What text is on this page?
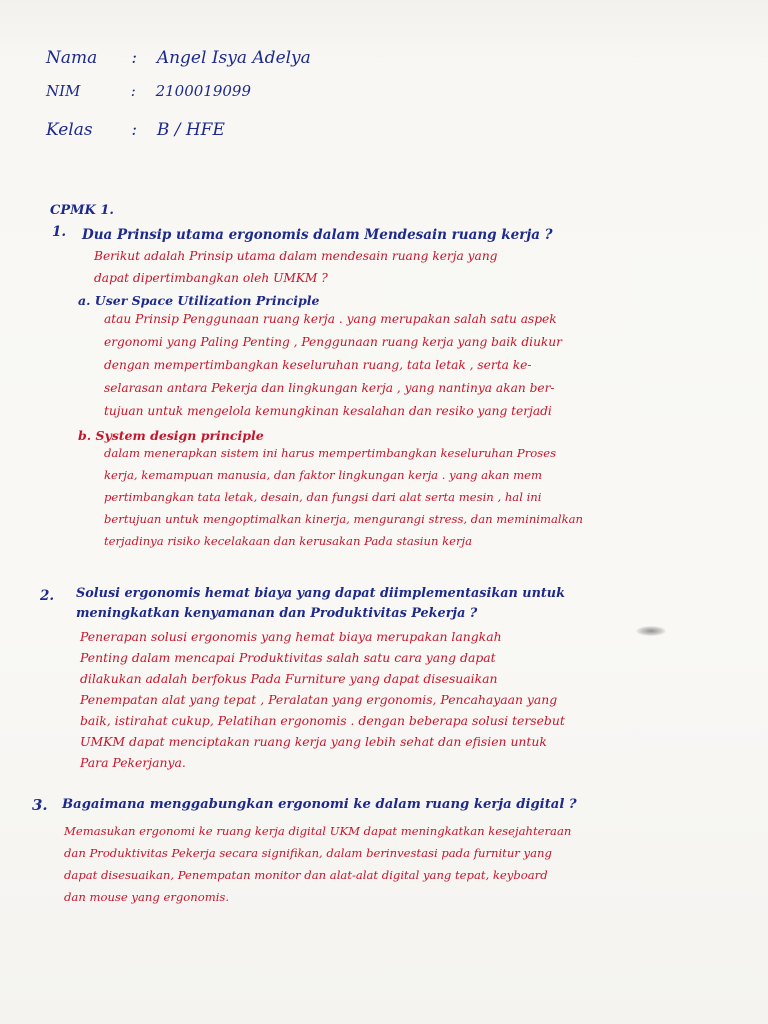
Nama : Angel Isya Adelya
NIM	: 2100019099
Kelas : B / HFE
CPMK 1.
1. Dua Prinsip utama ergonomis dalam Mendesain ruang kerja ?
Berikut adalah Prinsip utama dalam mendesain ruang kerja yang
dapat dipertimbangkan oleh UMKM ?
a. User Space Utilization Principle
atau Prinsip Penggunaan ruang kerja . yang merupakan salah satu aspek
ergonomi yang Paling Penting , Penggunaan ruang kerja yang baik diukur
dengan mempertimbangkan keseluruhan ruang, tata letak , serta ke-
selarasan antara Pekerja dan lingkungan kerja , yang nantinya akan ber-
tujuan untuk mengelola kemungkinan kesalahan dan resiko yang terjadi
b. System design principle
dalam menerapkan sistem ini harus mempertimbangkan keseluruhan Proses
kerja, kemampuan manusia, dan faktor lingkungan kerja . yang akan mem
pertimbangkan tata letak, desain, dan fungsi dari alat serta mesin , hal ini
bertujuan untuk mengoptimalkan kinerja, mengurangi stress, dan meminimalkan
terjadinya risiko kecelakaan dan kerusakan Pada stasiun kerja
2. Solusi ergonomis hemat biaya yang dapat diimplementasikan untuk
meningkatkan kenyamanan dan Produktivitas Pekerja ?
Penerapan solusi ergonomis yang hemat biaya merupakan langkah
Penting dalam mencapai Produktivitas salah satu cara yang dapat
dilakukan adalah berfokus Pada Furniture yang dapat disesuaikan
Penempatan alat yang tepat , Peralatan yang ergonomis, Pencahayaan yang
baik, istirahat cukup, Pelatihan ergonomis . dengan beberapa solusi tersebut
UMKM dapat menciptakan ruang kerja yang lebih sehat dan efisien untuk
Para Pekerjanya.
3. Bagaimana menggabungkan ergonomi ke dalam ruang kerja digital ?
Memasukan ergonomi ke ruang kerja digital UKM dapat meningkatkan kesejahteraan
dan Produktivitas Pekerja secara signifikan, dalam berinvestasi pada furnitur yang
dapat disesuaikan, Penempatan monitor dan alat-alat digital yang tepat, keyboard
dan mouse yang ergonomis.
